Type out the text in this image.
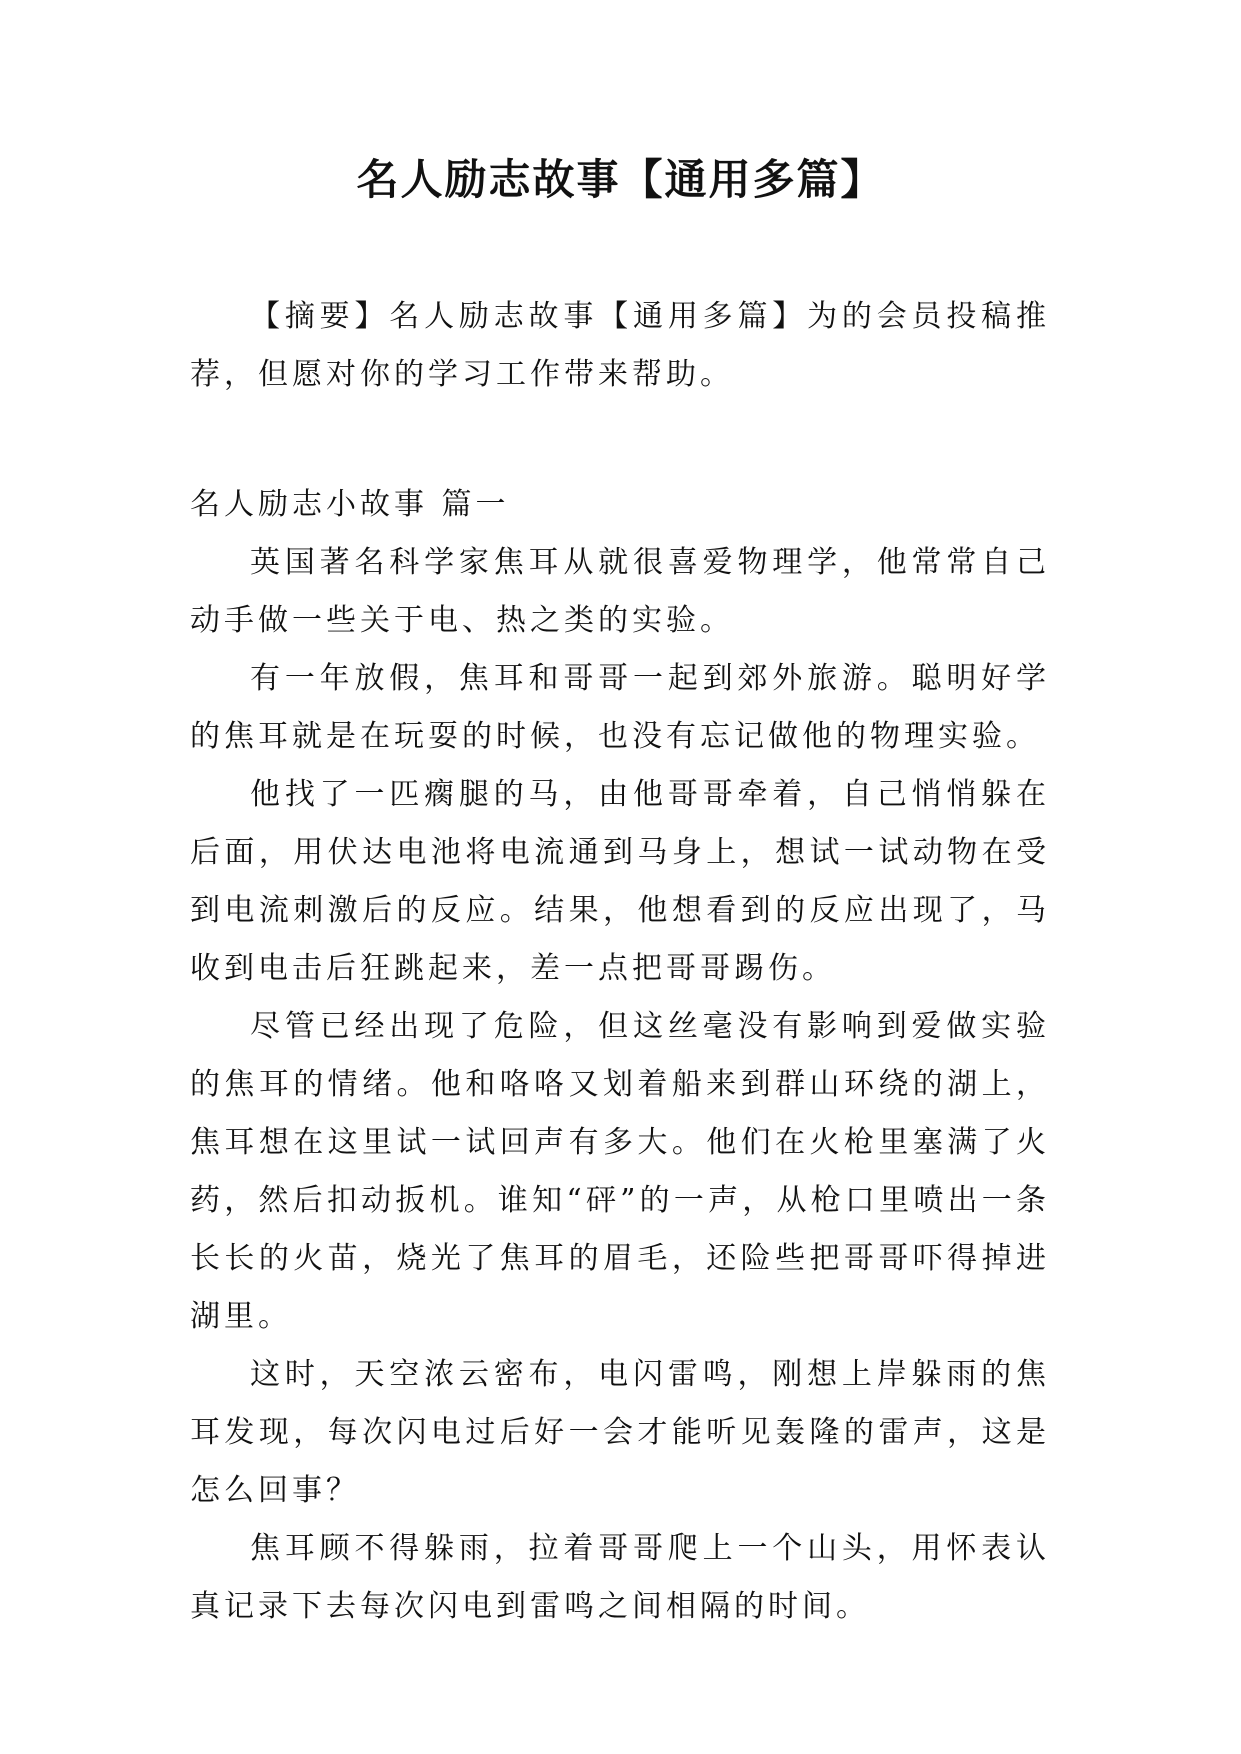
名人励志故事【通用多篇】

【摘要】名人励志故事【通用多篇】为的会员投稿推荐，但愿对你的学习工作带来帮助。

名人励志小故事 篇一

英国著名科学家焦耳从就很喜爱物理学，他常常自己动手做一些关于电、热之类的实验。

有一年放假，焦耳和哥哥一起到郊外旅游。聪明好学的焦耳就是在玩耍的时候，也没有忘记做他的物理实验。

他找了一匹瘸腿的马，由他哥哥牵着，自己悄悄躲在后面，用伏达电池将电流通到马身上，想试一试动物在受到电流刺激后的反应。结果，他想看到的反应出现了，马收到电击后狂跳起来，差一点把哥哥踢伤。

尽管已经出现了危险，但这丝毫没有影响到爱做实验的焦耳的情绪。他和咯咯又划着船来到群山环绕的湖上，焦耳想在这里试一试回声有多大。他们在火枪里塞满了火药，然后扣动扳机。谁知“砰”的一声，从枪口里喷出一条长长的火苗，烧光了焦耳的眉毛，还险些把哥哥吓得掉进湖里。

这时，天空浓云密布，电闪雷鸣，刚想上岸躲雨的焦耳发现，每次闪电过后好一会才能听见轰隆的雷声，这是怎么回事？

焦耳顾不得躲雨，拉着哥哥爬上一个山头，用怀表认真记录下去每次闪电到雷鸣之间相隔的时间。
